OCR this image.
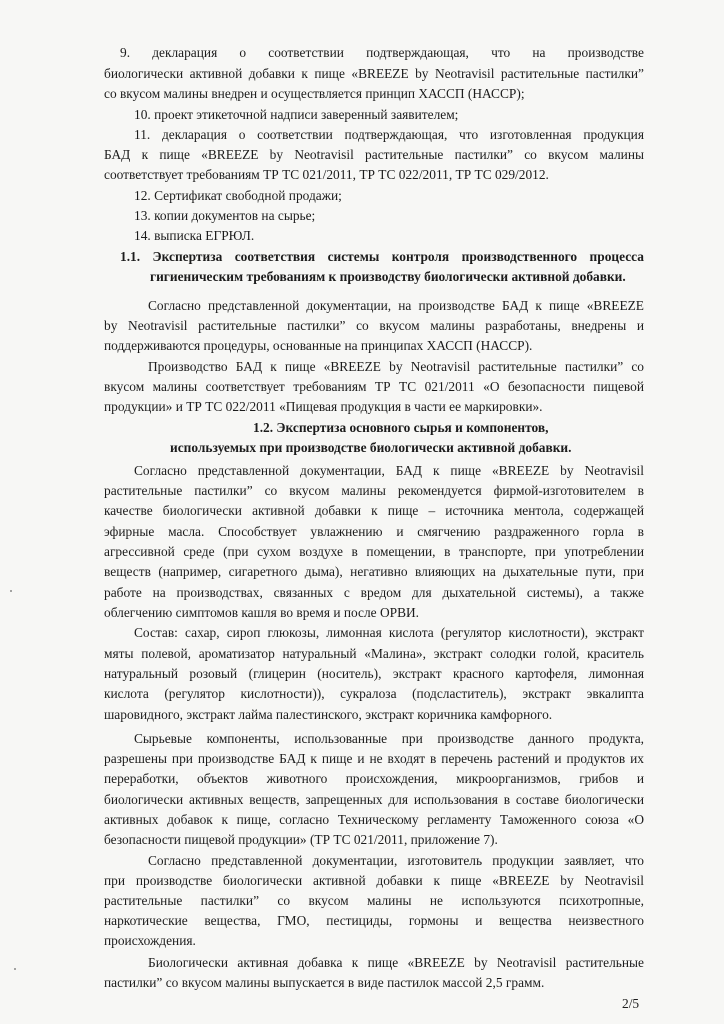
9. декларация о соответствии подтверждающая, что на производстве
биологически активной добавки к пище «BREEZE by Neotravisil растительные пастилки”
со вкусом малины внедрен и осуществляется принцип ХАССП (НАССР);
10. проект этикеточной надписи заверенный заявителем;
11. декларация о соответствии подтверждающая, что изготовленная продукция
БАД к пище «BREEZE by Neotravisil растительные пастилки” со вкусом малины
соответствует требованиям ТР ТС 021/2011, ТР ТС 022/2011, ТР ТС 029/2012.
12. Сертификат свободной продажи;
13. копии документов на сырье;
14. выписка ЕГРЮЛ.
1.1. Экспертиза соответствия системы контроля производственного процесса
гигиеническим требованиям к производству биологически активной добавки.
Согласно представленной документации, на производстве БАД к пище «BREEZE
by Neotravisil растительные пастилки” со вкусом малины разработаны, внедрены и
поддерживаются процедуры, основанные на принципах ХАССП (НАССР).
Производство БАД к пище «BREEZE by Neotravisil растительные пастилки” со
вкусом малины соответствует требованиям ТР ТС 021/2011 «О безопасности пищевой
продукции» и ТР ТС 022/2011 «Пищевая продукция в части ее маркировки».
1.2. Экспертиза основного сырья и компонентов,
используемых при производстве биологически активной добавки.
Согласно представленной документации, БАД к пище «BREEZE by Neotravisil
растительные пастилки” со вкусом малины рекомендуется фирмой-изготовителем в
качестве биологически активной добавки к пище – источника ментола, содержащей
эфирные масла. Способствует увлажнению и смягчению раздраженного горла в
агрессивной среде (при сухом воздухе в помещении, в транспорте, при употреблении
веществ (например, сигаретного дыма), негативно влияющих на дыхательные пути, при
работе на производствах, связанных с вредом для дыхательной системы), а также
облегчению симптомов кашля во время и после ОРВИ.
Состав: сахар, сироп глюкозы, лимонная кислота (регулятор кислотности), экстракт
мяты полевой, ароматизатор натуральный «Малина», экстракт солодки голой, краситель
натуральный розовый (глицерин (носитель), экстракт красного картофеля, лимонная
кислота (регулятор кислотности)), сукралоза (подсластитель), экстракт эвкалипта
шаровидного, экстракт лайма палестинского, экстракт коричника камфорного.
Сырьевые компоненты, использованные при производстве данного продукта,
разрешены при производстве БАД к пище и не входят в перечень растений и продуктов их
переработки, объектов животного происхождения, микроорганизмов, грибов и
биологически активных веществ, запрещенных для использования в составе биологически
активных добавок к пище, согласно Техническому регламенту Таможенного союза «О
безопасности пищевой продукции» (ТР ТС 021/2011, приложение 7).
Согласно представленной документации, изготовитель продукции заявляет, что
при производстве биологически активной добавки к пище «BREEZE by Neotravisil
растительные пастилки” со вкусом малины не используются психотропные,
наркотические вещества, ГМО, пестициды, гормоны и вещества неизвестного
происхождения.
Биологически активная добавка к пище «BREEZE by Neotravisil растительные
пастилки” со вкусом малины выпускается в виде пастилок массой 2,5 грамм.
2/5
